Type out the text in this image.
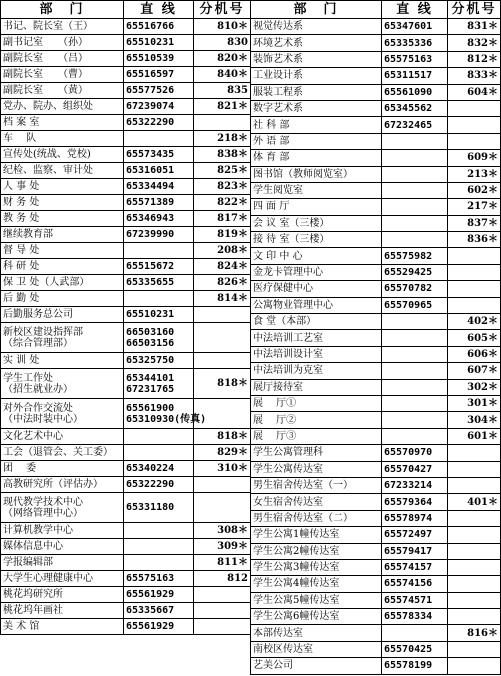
部　门	直 线	分机号

书记、院长室（王）	65516766	810＊

副书记室　　（孙）	65510231	830

副院长室　　（吕）	65510539	820＊

副院长室　　（曹）	65516597	840＊

副院长室　　（黄）	65577526	835

党办、院办、组织处	67239074	821＊

档 案 室	65322290	

车　 队		218＊

宣传处(统战、党校)	65573435	838＊

纪检、监察、审计处	65316051	825＊

人 事 处	65334494	823＊

财 务 处	65571389	822＊

教 务 处	65346943	817＊

继续教育部	67239990	819＊

督 导 处		208＊

科 研 处	65515672	824＊

保 卫 处（人武部）	65335655	826＊

后 勤 处		814＊

后勤服务总公司	65510231	

新校区建设指挥部
（综合管理部）	66503160
66503156	

实 训 处	65325750	

学生工作处
（招生就业办）	65344101
67231765	818＊

对外合作交流处
（中法时装中心）	65561900
65310930(传真)	

文化艺术中心		818＊

工会（退管会、关工委）		829＊

团　 委	65340224	310＊

高教研究所（评估办）	65322290	

现代教学技术中心
（网络管理中心）	65331180	

计算机教学中心		308＊

媒体信息中心		309＊

学报编辑部		811＊

大学生心理健康中心	65575163	812

桃花坞研究所	65561929	

桃花坞年画社	65335667	

美 术 馆	65561929	

部　门	直 线	分机号

视觉传达系	65347601	831＊

环境艺术系	65335336	832＊

装饰艺术系	65575163	812＊

工业设计系	65311517	833＊

服装工程系	65561090	604＊

数字艺术系	65345562	

社 科 部	67232465	

外 语 部		

体 育 部		609＊

图书馆（教师阅览室）		213＊

学生阅览室		602＊

四 面 厅		217＊

会 议 室（三楼）		837＊

接 待 室（三楼）		836＊

文 印 中 心	65575982	

金龙卡管理中心	65529425	

医疗保健中心	65570782	

公寓物业管理中心	65570965	

食 堂（本部）		402＊

中法培训工艺室		605＊

中法培训设计室		606＊

中法培训为克室		607＊

展厅接待室		302＊

展　 厅①		301＊

展　 厅②		304＊

展　 厅③		601＊

学生公寓管理科	65570970	

学生公寓传达室	65570427	

男生宿舍传达室（一）	67233214	

女生宿舍传达室	65579364	401＊

男生宿舍传达室（二）	65578974	

学生公寓1幢传达室	65572497	

学生公寓2幢传达室	65579417	

学生公寓3幢传达室	65574157	

学生公寓4幢传达室	65574156	

学生公寓5幢传达室	65574571	

学生公寓6幢传达室	65578334	

本部传达室		816＊

南校区传达室	65570425	

艺美公司	65578199	
